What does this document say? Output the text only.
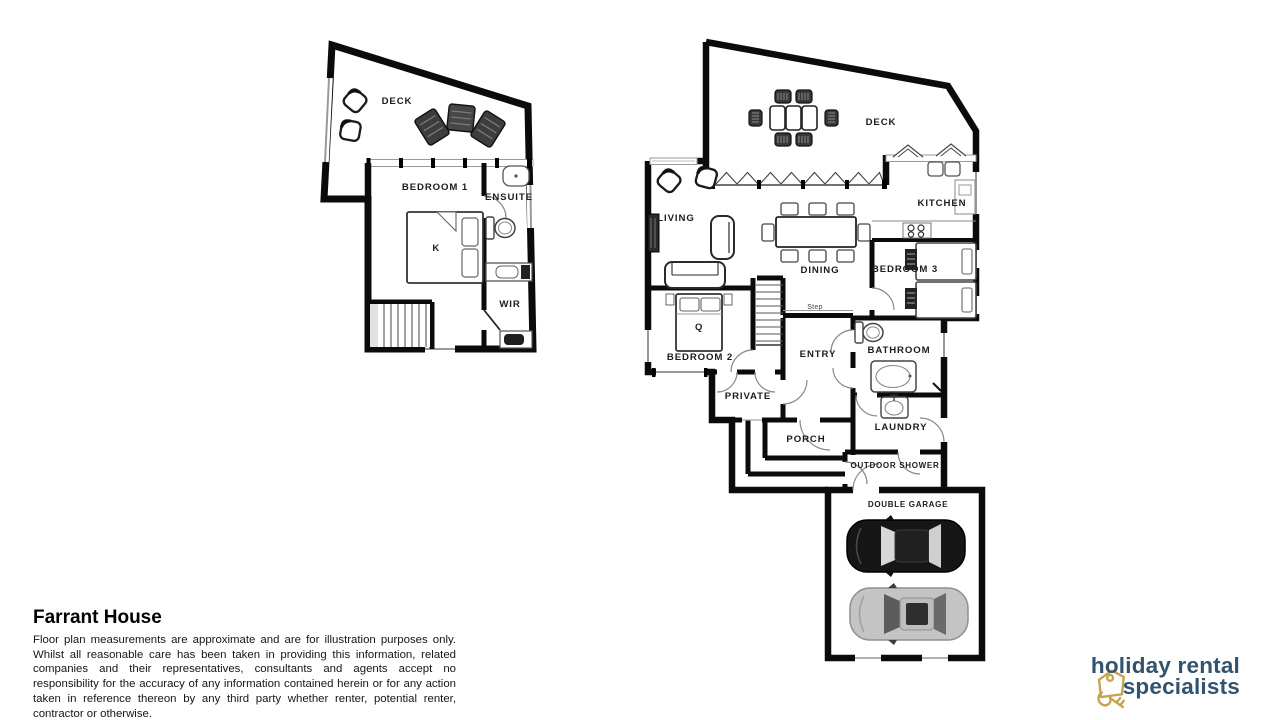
DECK
BEDROOM 1
ENSUITE
WIR
K
DECK
LIVING
DINING
KITCHEN
BEDROOM 3
BEDROOM 2	ENTRY	BATHROOM
PRIVATE
PORCH
LAUNDRY
OUTDOOR SHOWER
DOUBLE GARAGE
Step
Q
Farrant House
Floor plan measurements are approximate and are for illustration purposes only. Whilst all reasonable care has been taken in providing this information, related companies and their representatives, consultants and agents accept no responsibility for the accuracy of any information contained herein or for any action taken in reference thereon by any third party whether renter, potential renter, contractor or otherwise.
holiday rental
specialists
